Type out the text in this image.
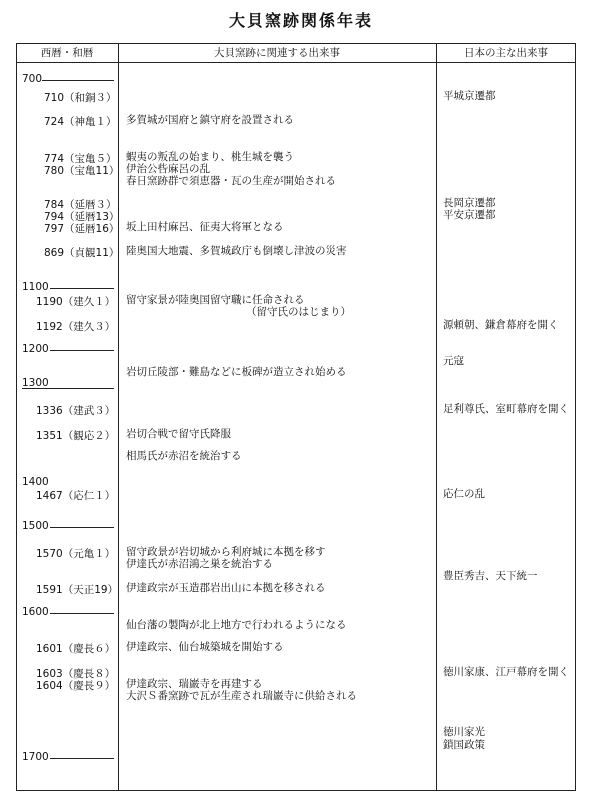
大貝窯跡関係年表
西暦・和暦	大貝窯跡に関連する出来事	日本の主な出来事
700
1100
1200
1300
1400
1500
1600
1700
710（和銅３）
724（神亀１）
774（宝亀５）
780（宝亀11）
784（延暦３）
794（延暦13）
797（延暦16）
869（貞観11）
1190（建久１）
1192（建久３）
1336（建武３）
1351（観応２）
1467（応仁１）
1570（元亀１）
1591（天正19）
1601（慶長６）
1603（慶長８）
1604（慶長９）
多賀城が国府と鎮守府を設置される
蝦夷の叛乱の始まり、桃生城を襲う
伊治公呰麻呂の乱
春日窯跡群で須恵器・瓦の生産が開始される
坂上田村麻呂、征夷大将軍となる
陸奥国大地震、多賀城政庁も倒壊し津波の災害
留守家景が陸奥国留守職に任命される
（留守氏のはじまり）
岩切丘陵部・難島などに板碑が造立され始める
岩切合戦で留守氏降服
相馬氏が赤沼を統治する
留守政景が岩切城から利府城に本拠を移す
伊達氏が赤沼鴻之巣を統治する
伊達政宗が玉造郡岩出山に本拠を移される
仙台藩の製陶が北上地方で行われるようになる
伊達政宗、仙台城築城を開始する
伊達政宗、瑞巌寺を再建する
大沢Ｓ番窯跡で瓦が生産され瑞巌寺に供給される
平城京遷都
長岡京遷都
平安京遷都
源頼朝、鎌倉幕府を開く
元寇
足利尊氏、室町幕府を開く
応仁の乱
豊臣秀吉、天下統一
徳川家康、江戸幕府を開く
徳川家光
鎖国政策
